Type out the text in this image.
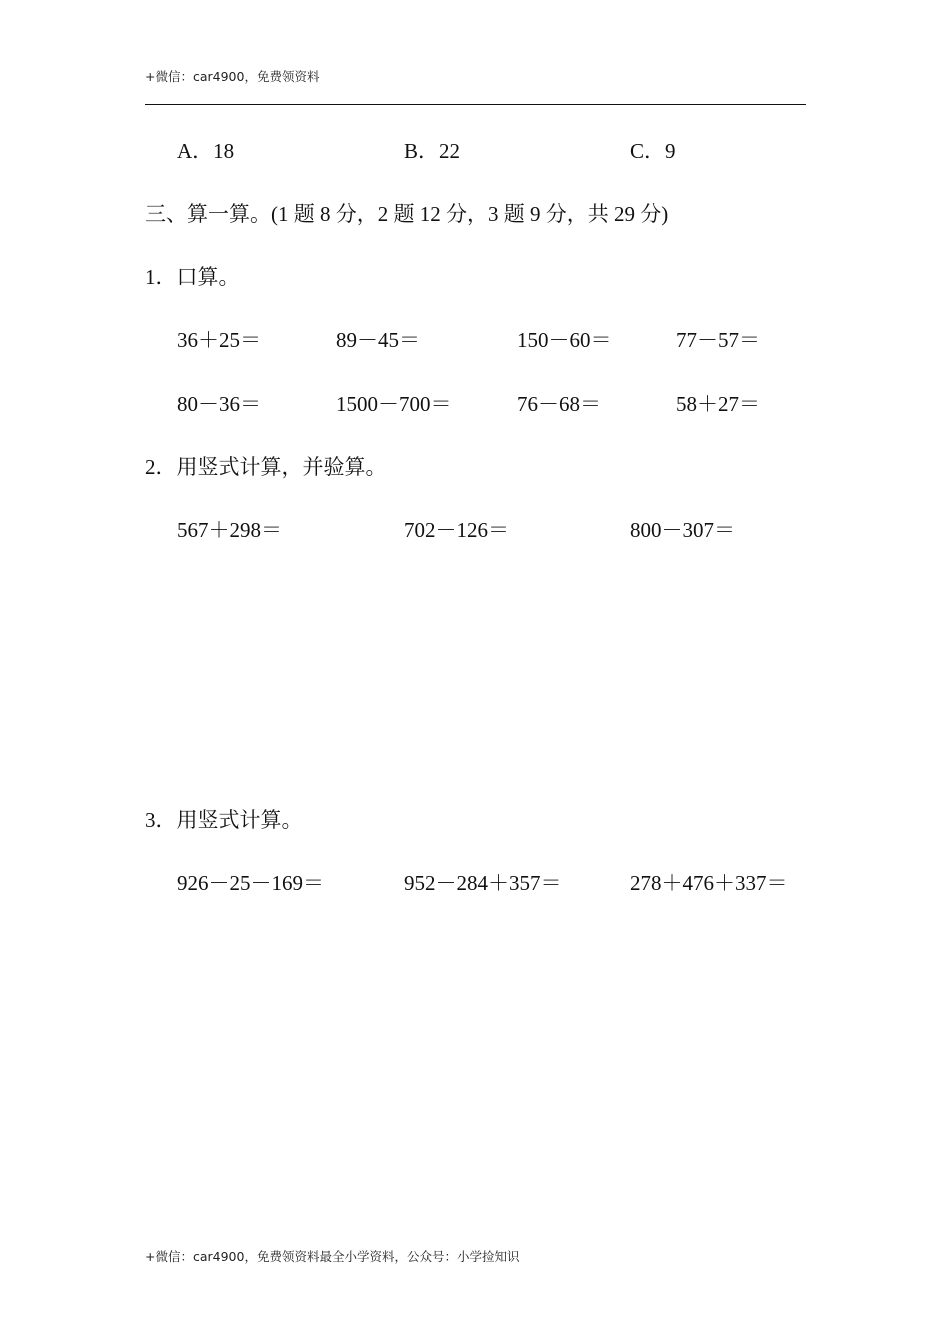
+微信：car4900，免费领资料
A．18	B．22	C．9
三、算一算。(1 题 8 分，2 题 12 分，3 题 9 分，共 29 分)
1．口算。
36＋25＝	89－45＝	150－60＝	77－57＝
80－36＝	1500－700＝	76－68＝	58＋27＝
2．用竖式计算，并验算。
567＋298＝	702－126＝	800－307＝
3．用竖式计算。
926－25－169＝	952－284＋357＝	278＋476＋337＝
+微信：car4900，免费领资料最全小学资料，公众号：小学捡知识
